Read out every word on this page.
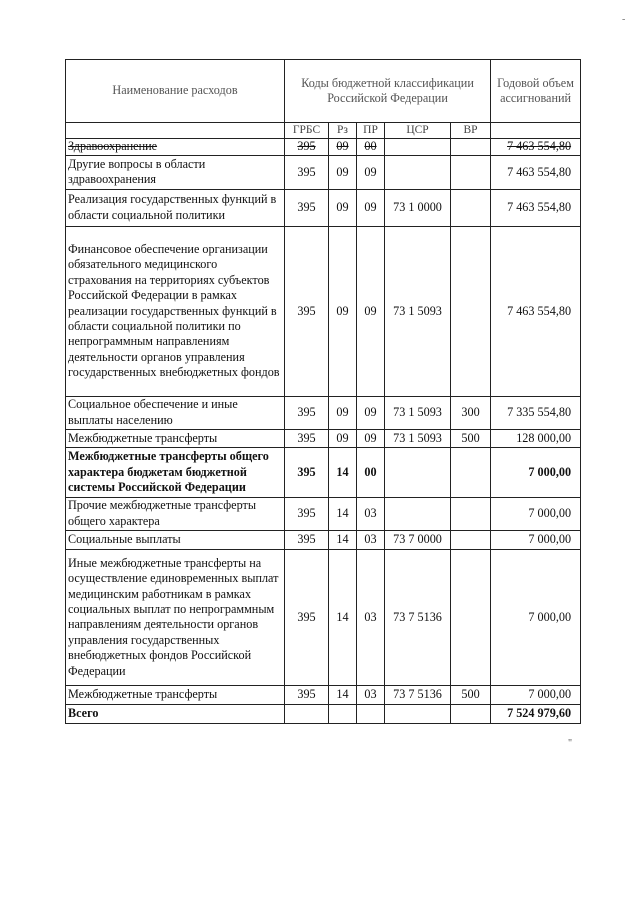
-
Наименование расходов	Коды бюджетной классификации Российской Федерации					Годовой объем ассигнований
	ГРБС	Рз	ПР	ЦСР	ВР	
Здравоохранение	395	09	00			7 463 554,80
Другие вопросы в области здравоохранения	395	09	09			7 463 554,80
Реализация государственных функций в области социальной политики	395	09	09	73 1 0000		7 463 554,80
Финансовое обеспечение организации обязательного медицинского страхования на территориях субъектов Российской Федерации в рамках реализации государственных функций в области социальной политики по непрограммным направлениям деятельности органов управления государственных внебюджетных фондов	395	09	09	73 1 5093		7 463 554,80
Социальное обеспечение и иные выплаты населению	395	09	09	73 1 5093	300	7 335 554,80
Межбюджетные трансферты	395	09	09	73 1 5093	500	128 000,00
Межбюджетные трансферты общего характера бюджетам бюджетной системы Российской Федерации	395	14	00			7 000,00
Прочие межбюджетные трансферты общего характера	395	14	03			7 000,00
Социальные выплаты	395	14	03	73 7 0000		7 000,00
Иные межбюджетные трансферты на осуществление единовременных выплат медицинским работникам в рамках социальных выплат по непрограммным направлениям деятельности органов управления государственных внебюджетных фондов Российской Федерации	395	14	03	73 7 5136		7 000,00
Межбюджетные трансферты	395	14	03	73 7 5136	500	7 000,00
Всего						7 524 979,60
"
